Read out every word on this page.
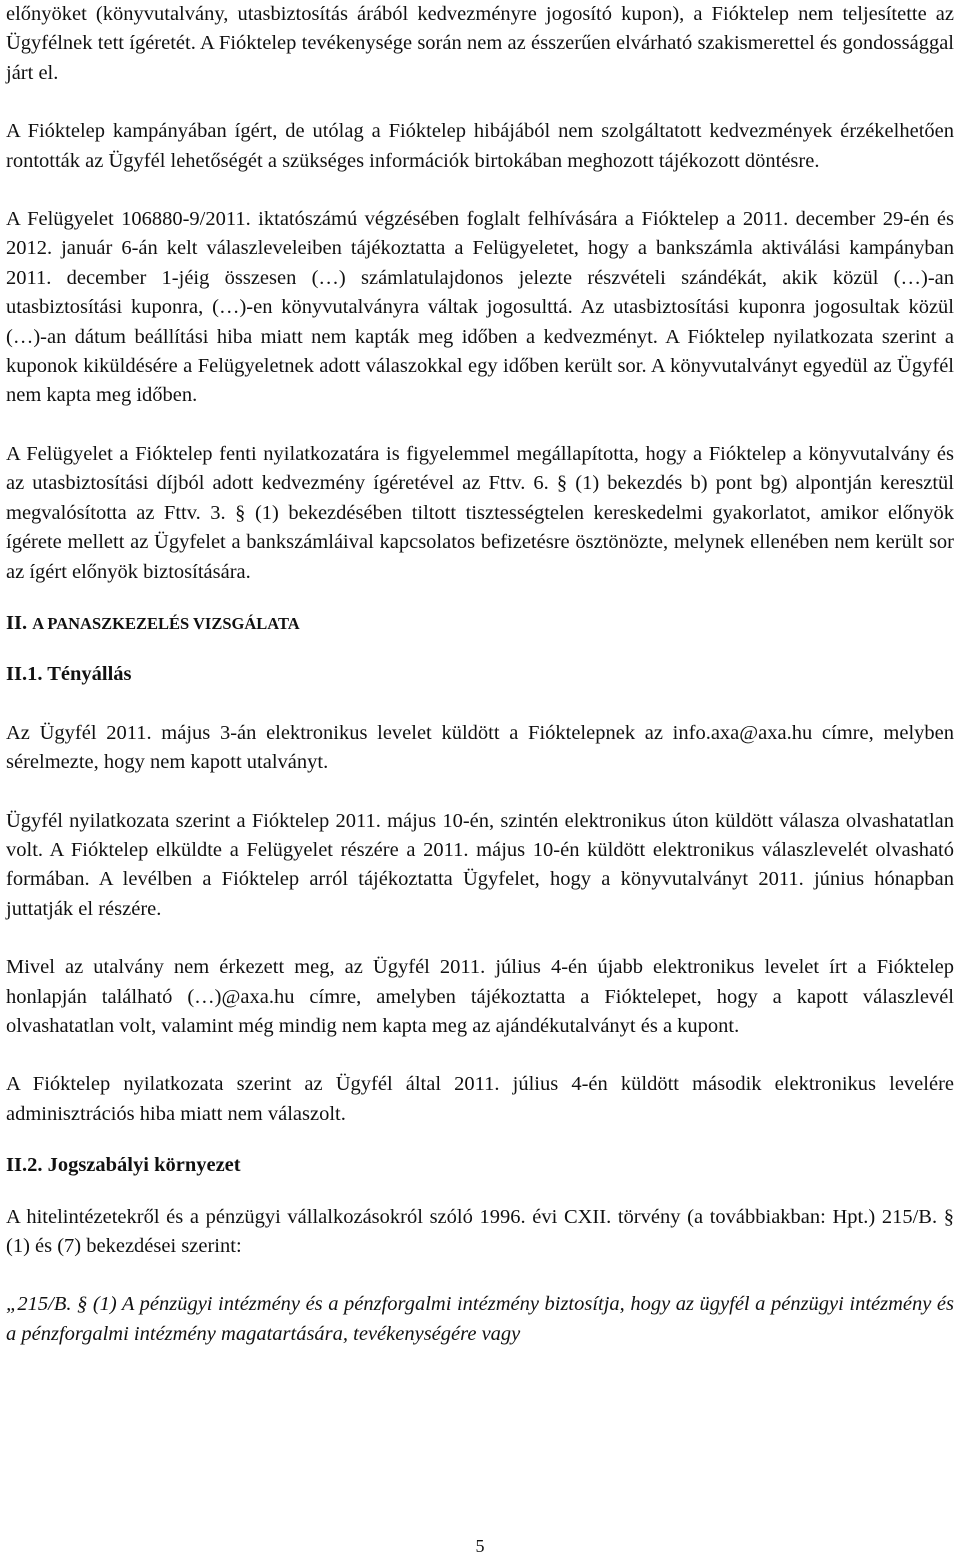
előnyöket (könyvutalvány, utasbiztosítás árából kedvezményre jogosító kupon), a Fióktelep nem teljesítette az Ügyfélnek tett ígéretét. A Fióktelep tevékenysége során nem az ésszerűen elvárható szakismerettel és gondossággal járt el.

A Fióktelep kampányában ígért, de utólag a Fióktelep hibájából nem szolgáltatott kedvezmények érzékelhetően rontották az Ügyfél lehetőségét a szükséges információk birtokában meghozott tájékozott döntésre.

A Felügyelet 106880-9/2011. iktatószámú végzésében foglalt felhívására a Fióktelep a 2011. december 29-én és 2012. január 6-án kelt válaszleveleiben tájékoztatta a Felügyeletet, hogy a bankszámla aktiválási kampányban 2011. december 1-jéig összesen (…) számlatulajdonos jelezte részvételi szándékát, akik közül (…)-an utasbiztosítási kuponra, (…)-en könyvutalványra váltak jogosulttá. Az utasbiztosítási kuponra jogosultak közül (…)-an dátum beállítási hiba miatt nem kapták meg időben a kedvezményt. A Fióktelep nyilatkozata szerint a kuponok kiküldésére a Felügyeletnek adott válaszokkal egy időben került sor. A könyvutalványt egyedül az Ügyfél nem kapta meg időben.

A Felügyelet a Fióktelep fenti nyilatkozatára is figyelemmel megállapította, hogy a Fióktelep a könyvutalvány és az utasbiztosítási díjból adott kedvezmény ígéretével az Fttv. 6. § (1) bekezdés b) pont bg) alpontján keresztül megvalósította az Fttv. 3. § (1) bekezdésében tiltott tisztességtelen kereskedelmi gyakorlatot, amikor előnyök ígérete mellett az Ügyfelet a bankszámláival kapcsolatos befizetésre ösztönözte, melynek ellenében nem került sor az ígért előnyök biztosítására.

II. A PANASZKEZELÉS VIZSGÁLATA
II.1. Tényállás

Az Ügyfél 2011. május 3-án elektronikus levelet küldött a Fióktelepnek az info.axa@axa.hu címre, melyben sérelmezte, hogy nem kapott utalványt.

Ügyfél nyilatkozata szerint a Fióktelep 2011. május 10-én, szintén elektronikus úton küldött válasza olvashatatlan volt. A Fióktelep elküldte a Felügyelet részére a 2011. május 10-én küldött elektronikus válaszlevelét olvasható formában. A levélben a Fióktelep arról tájékoztatta Ügyfelet, hogy a könyvutalványt 2011. június hónapban juttatják el részére.

Mivel az utalvány nem érkezett meg, az Ügyfél 2011. július 4-én újabb elektronikus levelet írt a Fióktelep honlapján található (…)@axa.hu címre, amelyben tájékoztatta a Fióktelepet, hogy a kapott válaszlevél olvashatatlan volt, valamint még mindig nem kapta meg az ajándékutalványt és a kupont.

A Fióktelep nyilatkozata szerint az Ügyfél által 2011. július 4-én küldött második elektronikus levelére adminisztrációs hiba miatt nem válaszolt.

II.2. Jogszabályi környezet

A hitelintézetekről és a pénzügyi vállalkozásokról szóló 1996. évi CXII. törvény (a továbbiakban: Hpt.) 215/B. § (1) és (7) bekezdései szerint:

„215/B. § (1) A pénzügyi intézmény és a pénzforgalmi intézmény biztosítja, hogy az ügyfél a pénzügyi intézmény és a pénzforgalmi intézmény magatartására, tevékenységére vagy

5
